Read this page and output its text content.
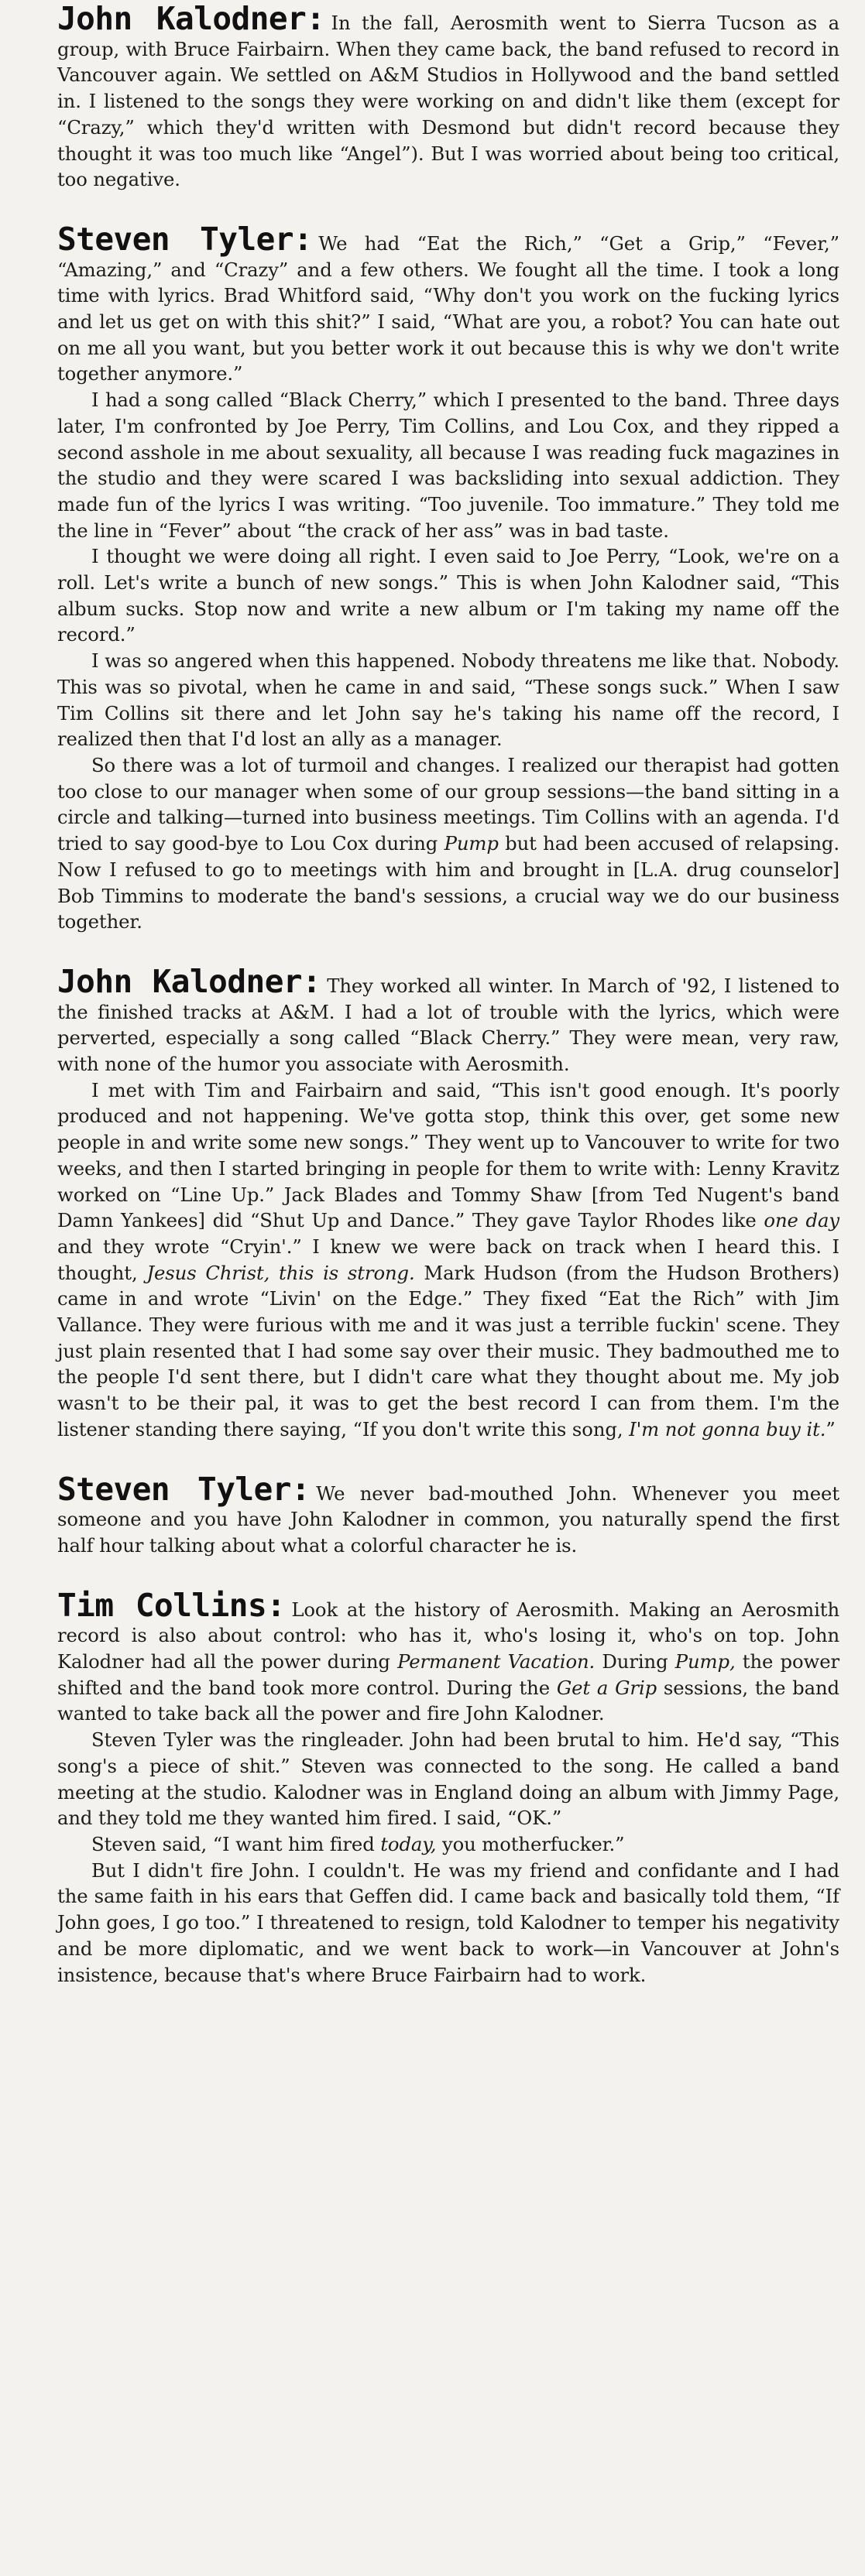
John Kalodner: In the fall, Aerosmith went to Sierra Tucson as a group, with Bruce Fairbairn. When they came back, the band refused to record in Vancouver again. We settled on A&M Studios in Hollywood and the band settled in. I listened to the songs they were working on and didn't like them (except for “Crazy,” which they'd written with Desmond but didn't record because they thought it was too much like “Angel”). But I was worried about being too critical, too negative.

Steven Tyler: We had “Eat the Rich,” “Get a Grip,” “Fever,” “Amazing,” and “Crazy” and a few others. We fought all the time. I took a long time with lyrics. Brad Whitford said, “Why don't you work on the fucking lyrics and let us get on with this shit?” I said, “What are you, a robot? You can hate out on me all you want, but you better work it out because this is why we don't write together anymore.”

I had a song called “Black Cherry,” which I presented to the band. Three days later, I'm confronted by Joe Perry, Tim Collins, and Lou Cox, and they ripped a second asshole in me about sexuality, all because I was reading fuck magazines in the studio and they were scared I was backsliding into sexual addiction. They made fun of the lyrics I was writing. “Too juvenile. Too immature.” They told me the line in “Fever” about “the crack of her ass” was in bad taste.

I thought we were doing all right. I even said to Joe Perry, “Look, we're on a roll. Let's write a bunch of new songs.” This is when John Kalodner said, “This album sucks. Stop now and write a new album or I'm taking my name off the record.”

I was so angered when this happened. Nobody threatens me like that. Nobody. This was so pivotal, when he came in and said, “These songs suck.” When I saw Tim Collins sit there and let John say he's taking his name off the record, I realized then that I'd lost an ally as a manager.

So there was a lot of turmoil and changes. I realized our therapist had gotten too close to our manager when some of our group sessions—the band sitting in a circle and talking—turned into business meetings. Tim Collins with an agenda. I'd tried to say good-bye to Lou Cox during Pump but had been accused of relapsing. Now I refused to go to meetings with him and brought in [L.A. drug counselor] Bob Timmins to moderate the band's sessions, a crucial way we do our business together.

John Kalodner: They worked all winter. In March of '92, I listened to the finished tracks at A&M. I had a lot of trouble with the lyrics, which were perverted, especially a song called “Black Cherry.” They were mean, very raw, with none of the humor you associate with Aerosmith.

I met with Tim and Fairbairn and said, “This isn't good enough. It's poorly produced and not happening. We've gotta stop, think this over, get some new people in and write some new songs.” They went up to Vancouver to write for two weeks, and then I started bringing in people for them to write with: Lenny Kravitz worked on “Line Up.” Jack Blades and Tommy Shaw [from Ted Nugent's band Damn Yankees] did “Shut Up and Dance.” They gave Taylor Rhodes like one day and they wrote “Cryin'.” I knew we were back on track when I heard this. I thought, Jesus Christ, this is strong. Mark Hudson (from the Hudson Brothers) came in and wrote “Livin' on the Edge.” They fixed “Eat the Rich” with Jim Vallance. They were furious with me and it was just a terrible fuckin' scene. They just plain resented that I had some say over their music. They badmouthed me to the people I'd sent there, but I didn't care what they thought about me. My job wasn't to be their pal, it was to get the best record I can from them. I'm the listener standing there saying, “If you don't write this song, I'm not gonna buy it.”

Steven Tyler: We never bad-mouthed John. Whenever you meet someone and you have John Kalodner in common, you naturally spend the first half hour talking about what a colorful character he is.

Tim Collins: Look at the history of Aerosmith. Making an Aerosmith record is also about control: who has it, who's losing it, who's on top. John Kalodner had all the power during Permanent Vacation. During Pump, the power shifted and the band took more control. During the Get a Grip sessions, the band wanted to take back all the power and fire John Kalodner.

Steven Tyler was the ringleader. John had been brutal to him. He'd say, “This song's a piece of shit.” Steven was connected to the song. He called a band meeting at the studio. Kalodner was in England doing an album with Jimmy Page, and they told me they wanted him fired. I said, “OK.”

Steven said, “I want him fired today, you motherfucker.”

But I didn't fire John. I couldn't. He was my friend and confidante and I had the same faith in his ears that Geffen did. I came back and basically told them, “If John goes, I go too.” I threatened to resign, told Kalodner to temper his negativity and be more diplomatic, and we went back to work—in Vancouver at John's insistence, because that's where Bruce Fairbairn had to work.
